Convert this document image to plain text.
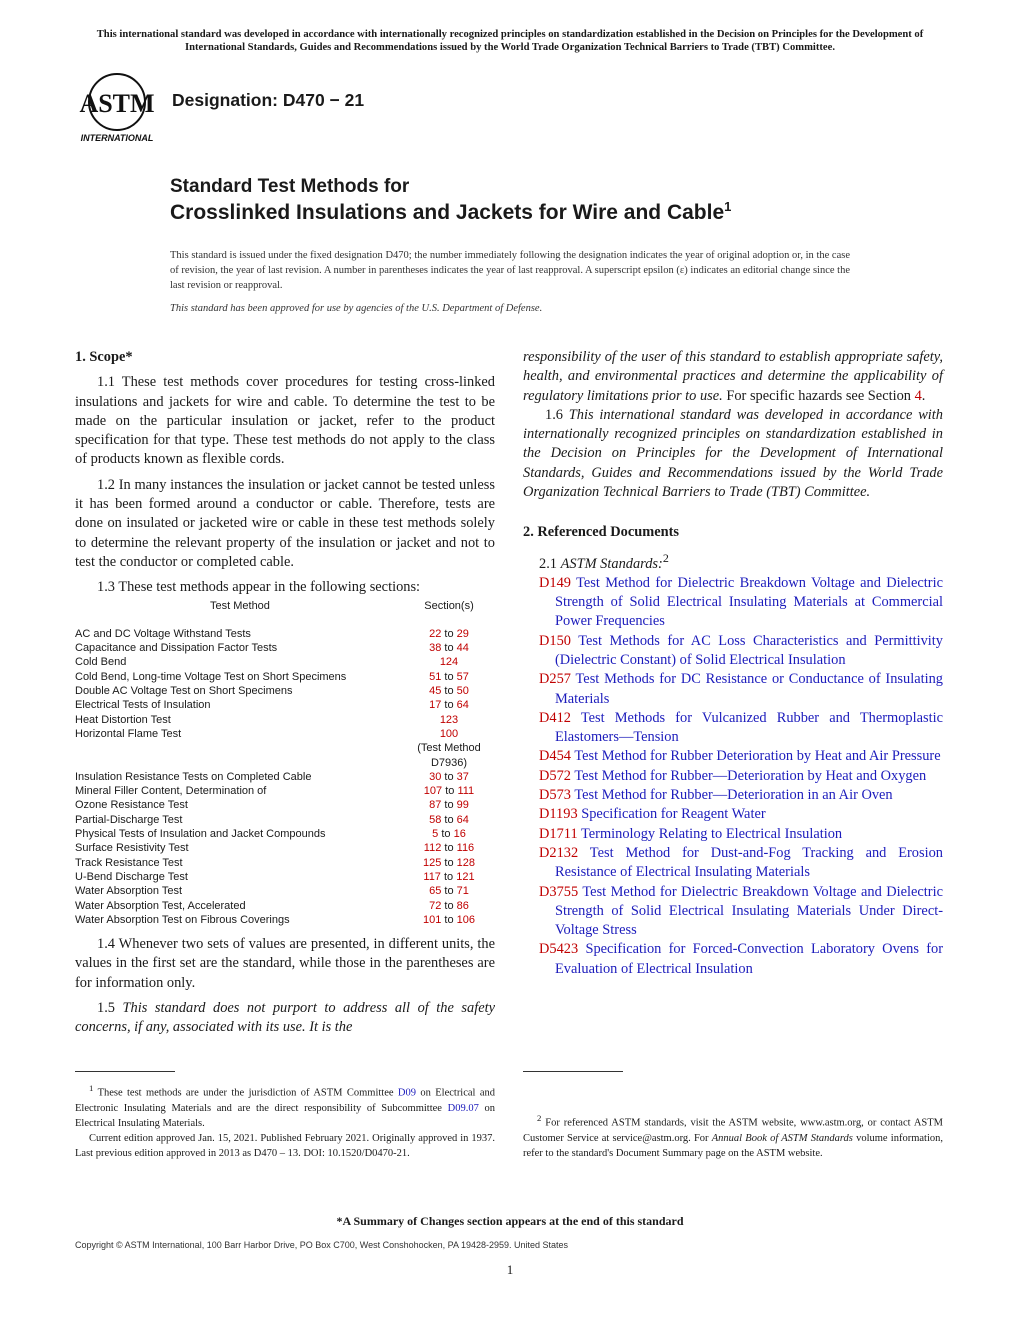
This international standard was developed in accordance with internationally recognized principles on standardization established in the Decision on Principles for the Development of International Standards, Guides and Recommendations issued by the World Trade Organization Technical Barriers to Trade (TBT) Committee.
ASTM
INTERNATIONAL
Designation: D470 − 21
Standard Test Methods for
Crosslinked Insulations and Jackets for Wire and Cable$^1$
This standard is issued under the fixed designation D470; the number immediately following the designation indicates the year of original adoption or, in the case of revision, the year of last revision. A number in parentheses indicates the year of last reapproval. A superscript epsilon (ε) indicates an editorial change since the last revision or reapproval.
This standard has been approved for use by agencies of the U.S. Department of Defense.
1. Scope*

1.1 These test methods cover procedures for testing cross-linked insulations and jackets for wire and cable. To determine the test to be made on the particular insulation or jacket, refer to the product specification for that type. These test methods do not apply to the class of products known as flexible cords.

1.2 In many instances the insulation or jacket cannot be tested unless it has been formed around a conductor or cable. Therefore, tests are done on insulated or jacketed wire or cable in these test methods solely to determine the relevant property of the insulation or jacket and not to test the conductor or completed cable.

1.3 These test methods appear in the following sections:

Test Method	Section(s)
AC and DC Voltage Withstand Tests	22 to 29
Capacitance and Dissipation Factor Tests	38 to 44
Cold Bend	124
Cold Bend, Long-time Voltage Test on Short Specimens	51 to 57
Double AC Voltage Test on Short Specimens	45 to 50
Electrical Tests of Insulation	17 to 64
Heat Distortion Test	123
Horizontal Flame Test	100
(Test Method D7936)
Insulation Resistance Tests on Completed Cable	30 to 37
Mineral Filler Content, Determination of	107 to 111
Ozone Resistance Test	87 to 99
Partial-Discharge Test	58 to 64
Physical Tests of Insulation and Jacket Compounds	5 to 16
Surface Resistivity Test	112 to 116
Track Resistance Test	125 to 128
U-Bend Discharge Test	117 to 121
Water Absorption Test	65 to 71
Water Absorption Test, Accelerated	72 to 86
Water Absorption Test on Fibrous Coverings	101 to 106

1.4 Whenever two sets of values are presented, in different units, the values in the first set are the standard, while those in the parentheses are for information only.

1.5 This standard does not purport to address all of the safety concerns, if any, associated with its use. It is the

$^1$ These test methods are under the jurisdiction of ASTM Committee D09 on Electrical and Electronic Insulating Materials and are the direct responsibility of Subcommittee D09.07 on Electrical Insulating Materials.
Current edition approved Jan. 15, 2021. Published February 2021. Originally approved in 1937. Last previous edition approved in 2013 as D470 – 13. DOI: 10.1520/D0470-21.

responsibility of the user of this standard to establish appropriate safety, health, and environmental practices and determine the applicability of regulatory limitations prior to use. For specific hazards see Section 4.

1.6 This international standard was developed in accordance with internationally recognized principles on standardization established in the Decision on Principles for the Development of International Standards, Guides and Recommendations issued by the World Trade Organization Technical Barriers to Trade (TBT) Committee.

2. Referenced Documents

2.1 ASTM Standards:$^2$

D149 Test Method for Dielectric Breakdown Voltage and Dielectric Strength of Solid Electrical Insulating Materials at Commercial Power Frequencies

D150 Test Methods for AC Loss Characteristics and Permittivity (Dielectric Constant) of Solid Electrical Insulation

D257 Test Methods for DC Resistance or Conductance of Insulating Materials

D412 Test Methods for Vulcanized Rubber and Thermoplastic Elastomers—Tension

D454 Test Method for Rubber Deterioration by Heat and Air Pressure

D572 Test Method for Rubber—Deterioration by Heat and Oxygen

D573 Test Method for Rubber—Deterioration in an Air Oven

D1193 Specification for Reagent Water

D1711 Terminology Relating to Electrical Insulation

D2132 Test Method for Dust-and-Fog Tracking and Erosion Resistance of Electrical Insulating Materials

D3755 Test Method for Dielectric Breakdown Voltage and Dielectric Strength of Solid Electrical Insulating Materials Under Direct-Voltage Stress

D5423 Specification for Forced-Convection Laboratory Ovens for Evaluation of Electrical Insulation

$^2$ For referenced ASTM standards, visit the ASTM website, www.astm.org, or contact ASTM Customer Service at service@astm.org. For Annual Book of ASTM Standards volume information, refer to the standard's Document Summary page on the ASTM website.
*A Summary of Changes section appears at the end of this standard
Copyright © ASTM International, 100 Barr Harbor Drive, PO Box C700, West Conshohocken, PA 19428-2959. United States
1
